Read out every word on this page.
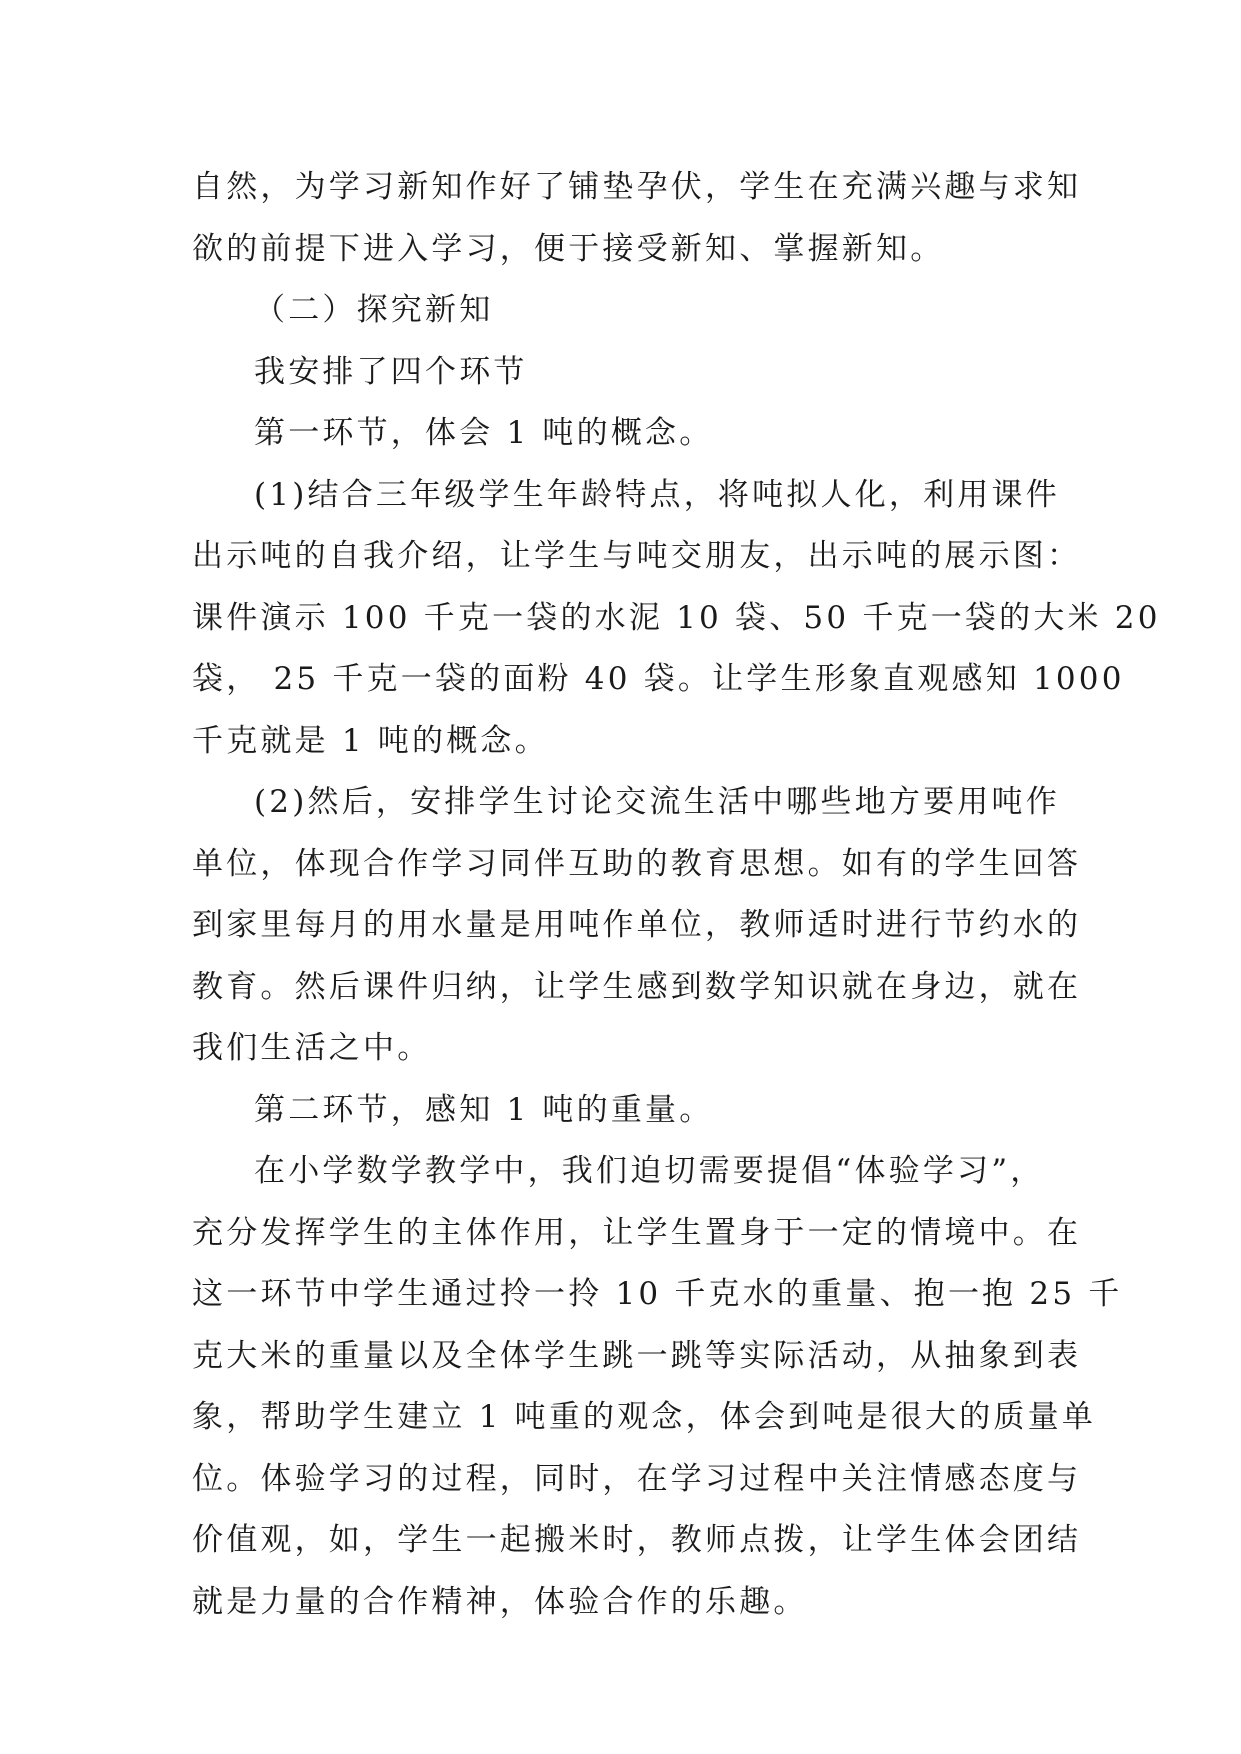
自然，为学习新知作好了铺垫孕伏，学生在充满兴趣与求知
欲的前提下进入学习，便于接受新知、掌握新知。
（二）探究新知
我安排了四个环节
第一环节，体会 1 吨的概念。
(1)结合三年级学生年龄特点，将吨拟人化，利用课件
出示吨的自我介绍，让学生与吨交朋友，出示吨的展示图：
课件演示 100 千克一袋的水泥 10 袋、50 千克一袋的大米 20
袋， 25 千克一袋的面粉 40 袋。让学生形象直观感知 1000
千克就是 1 吨的概念。
(2)然后，安排学生讨论交流生活中哪些地方要用吨作
单位，体现合作学习同伴互助的教育思想。如有的学生回答
到家里每月的用水量是用吨作单位，教师适时进行节约水的
教育。然后课件归纳，让学生感到数学知识就在身边，就在
我们生活之中。
第二环节，感知 1 吨的重量。
在小学数学教学中，我们迫切需要提倡“体验学习”，
充分发挥学生的主体作用，让学生置身于一定的情境中。在
这一环节中学生通过拎一拎 10 千克水的重量、抱一抱 25 千
克大米的重量以及全体学生跳一跳等实际活动，从抽象到表
象，帮助学生建立 1 吨重的观念，体会到吨是很大的质量单
位。体验学习的过程，同时，在学习过程中关注情感态度与
价值观，如，学生一起搬米时，教师点拨，让学生体会团结
就是力量的合作精神，体验合作的乐趣。
